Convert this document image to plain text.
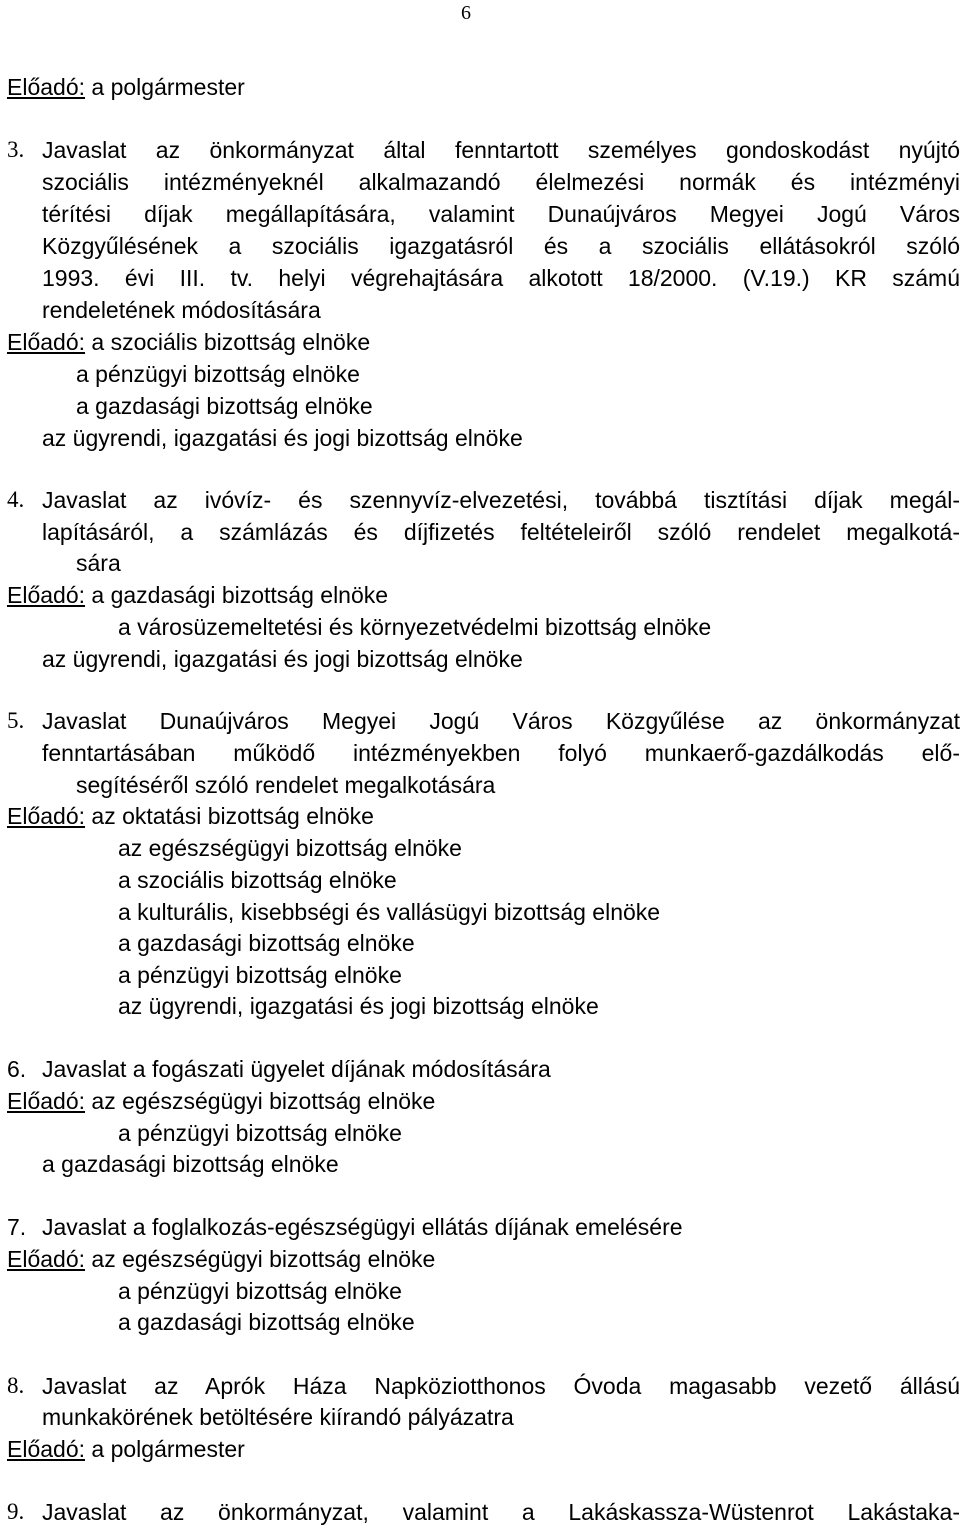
6
Előadó: a polgármester
3. Javaslat az önkormányzat által fenntartott személyes gondoskodást nyújtó
szociális intézményeknél alkalmazandó élelmezési normák és intézményi
térítési díjak megállapítására, valamint Dunaújváros Megyei Jogú Város
Közgyűlésének a szociális igazgatásról és a szociális ellátásokról szóló
1993. évi III. tv. helyi végrehajtására alkotott 18/2000. (V.19.) KR számú
rendeletének módosítására
Előadó: a szociális bizottság elnöke
a pénzügyi bizottság elnöke
a gazdasági bizottság elnöke
az ügyrendi, igazgatási és jogi bizottság elnöke
4. Javaslat az ivóvíz- és szennyvíz-elvezetési, továbbá tisztítási díjak megál-
lapításáról, a számlázás és díjfizetés feltételeiről szóló rendelet megalkotá-
sára
Előadó: a gazdasági bizottság elnöke
a városüzemeltetési és környezetvédelmi bizottság elnöke
az ügyrendi, igazgatási és jogi bizottság elnöke
5. Javaslat Dunaújváros Megyei Jogú Város Közgyűlése az önkormányzat
fenntartásában működő intézményekben folyó munkaerő-gazdálkodás elő-
segítéséről szóló rendelet megalkotására
Előadó: az oktatási bizottság elnöke
az egészségügyi bizottság elnöke
a szociális bizottság elnöke
a kulturális, kisebbségi és vallásügyi bizottság elnöke
a gazdasági bizottság elnöke
a pénzügyi bizottság elnöke
az ügyrendi, igazgatási és jogi bizottság elnöke
6. Javaslat a fogászati ügyelet díjának módosítására
Előadó: az egészségügyi bizottság elnöke
a pénzügyi bizottság elnöke
a gazdasági bizottság elnöke
7. Javaslat a foglalkozás-egészségügyi ellátás díjának emelésére
Előadó: az egészségügyi bizottság elnöke
a pénzügyi bizottság elnöke
a gazdasági bizottság elnöke
8. Javaslat az Aprók Háza Napköziotthonos Óvoda magasabb vezető állású
munkakörének betöltésére kiírandó pályázatra
Előadó: a polgármester
9. Javaslat az önkormányzat, valamint a Lakáskassza-Wüstenrot Lakástaka-
